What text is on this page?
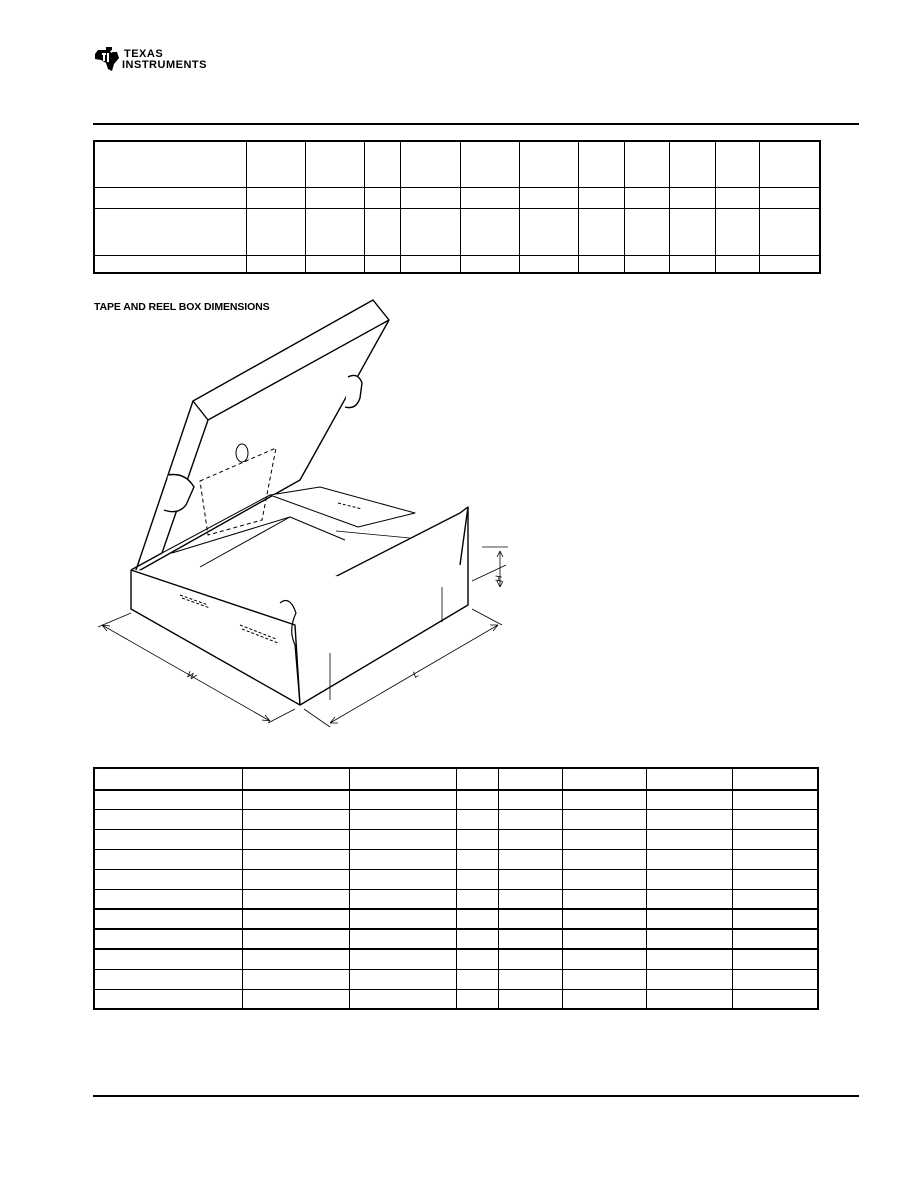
TEXAS
INSTRUMENTS

TAPE AND REEL BOX DIMENSIONS
W	L
H
